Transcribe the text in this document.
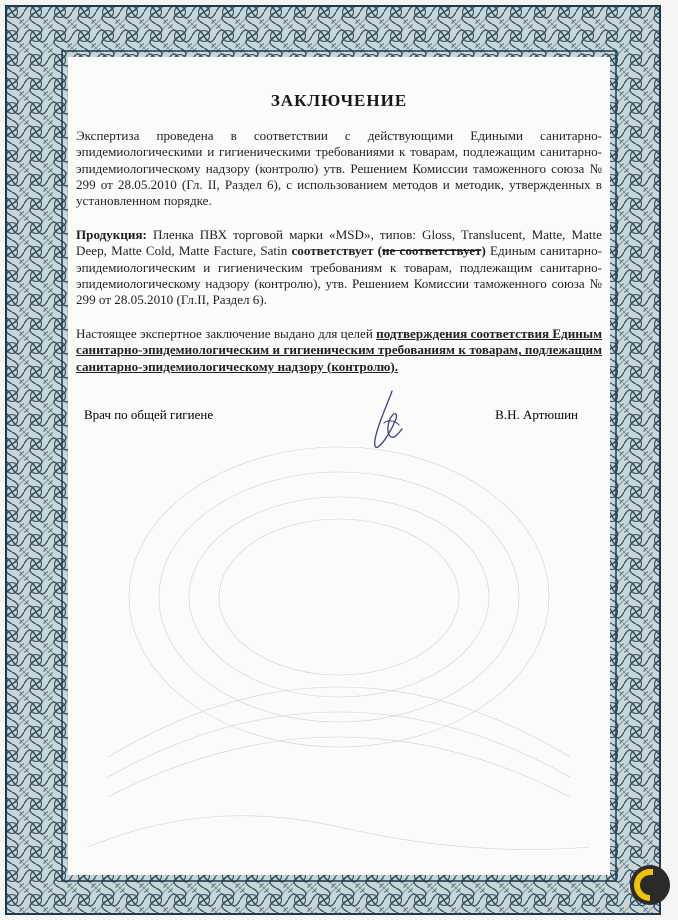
ЗАКЛЮЧЕНИЕ

Экспертиза проведена в соответствии с действующими Едиными санитарно-эпидемиологическими и гигиеническими требованиями к товарам, подлежащим санитарно-эпидемиологическому надзору (контролю) утв. Решением Комиссии таможенного союза № 299 от 28.05.2010 (Гл. II, Раздел 6), с использованием методов и методик, утвержденных в установленном порядке.

Продукция: Пленка ПВХ торговой марки «MSD», типов: Gloss, Translucent, Matte, Matte Deep, Matte Cold, Matte Facture, Satin соответствует (не соответствует) Единым санитарно-эпидемиологическим и гигиеническим требованиям к товарам, подлежащим санитарно-эпидемиологическому надзору (контролю), утв. Решением Комиссии таможенного союза № 299 от 28.05.2010 (Гл.II, Раздел 6).

Настоящее экспертное заключение выдано для целей подтверждения соответствия Единым санитарно-эпидемиологическим и гигиеническим требованиям к товарам, подлежащим санитарно-эпидемиологическому надзору (контролю).

Врач по общей гигиене	В.Н. Артюшин
